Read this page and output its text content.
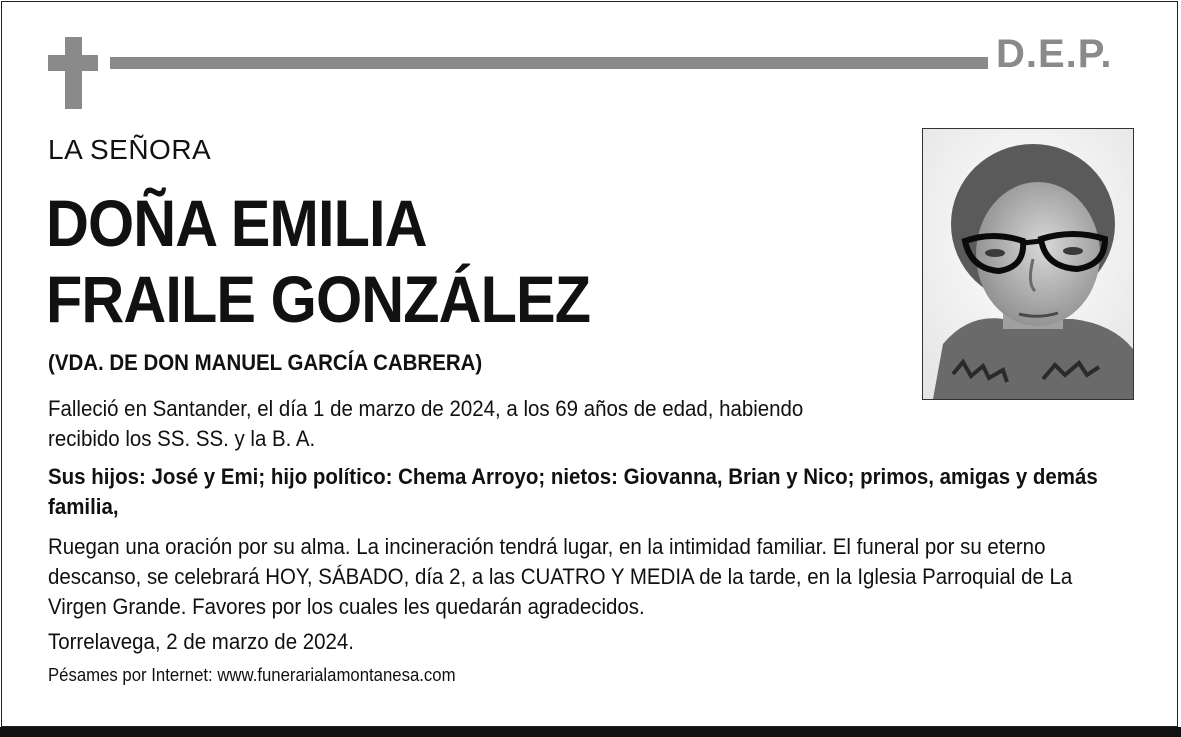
D.E.P.
LA SEÑORA
DOÑA EMILIA
FRAILE GONZÁLEZ
(VDA. DE DON MANUEL GARCÍA CABRERA)
Falleció en Santander, el día 1 de marzo de 2024, a los 69 años de edad, habiendo recibido los SS. SS. y la B. A.
Sus hijos: José y Emi; hijo político: Chema Arroyo; nietos: Giovanna, Brian y Nico; primos, amigas y demás familia,
Ruegan una oración por su alma. La incineración tendrá lugar, en la intimidad familiar. El funeral por su eterno descanso, se celebrará HOY, SÁBADO, día 2, a las CUATRO Y MEDIA de la tarde, en la Iglesia Parroquial de La Virgen Grande. Favores por los cuales les quedarán agradecidos.
Torrelavega, 2 de marzo de 2024.
Pésames por Internet: www.funerarialamontanesa.com
